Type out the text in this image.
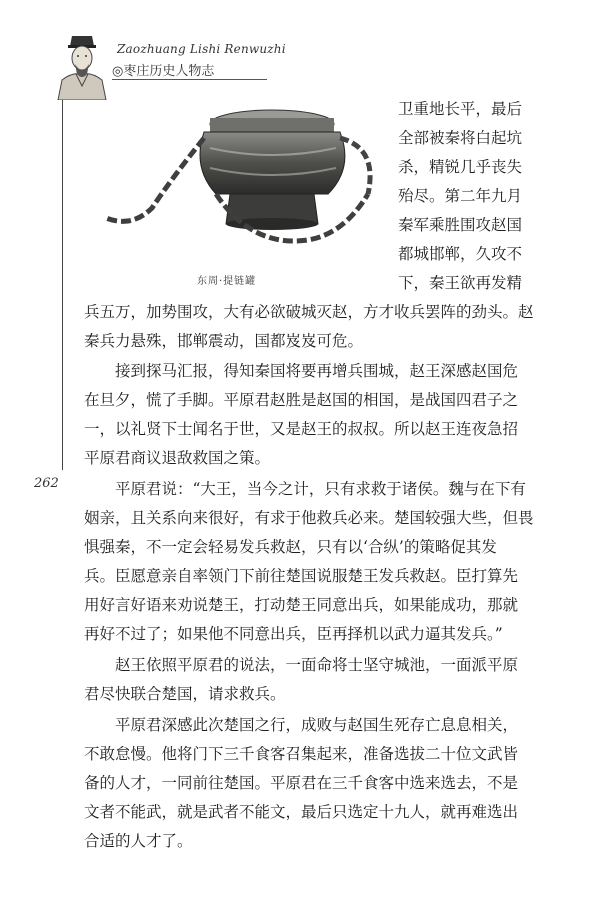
Zaozhuang Lishi Renwuzhi
◎枣庄历史人物志
东周·提链罐

卫重地长平，最后

全部被秦将白起坑

杀，精锐几乎丧失

殆尽。第二年九月

秦军乘胜围攻赵国

都城邯郸，久攻不

下，秦王欲再发精

兵五万，加势围攻，大有必欲破城灭赵，方才收兵罢阵的劲头。赵

秦兵力悬殊，邯郸震动，国都岌岌可危。

接到探马汇报，得知秦国将要再增兵围城，赵王深感赵国危

在旦夕，慌了手脚。平原君赵胜是赵国的相国，是战国四君子之

一，以礼贤下士闻名于世，又是赵王的叔叔。所以赵王连夜急招

平原君商议退敌救国之策。

262	平原君说：“大王，当今之计，只有求救于诸侯。魏与在下有

姻亲，且关系向来很好，有求于他救兵必来。楚国较强大些，但畏

惧强秦，不一定会轻易发兵救赵，只有以‘合纵’的策略促其发

兵。臣愿意亲自率领门下前往楚国说服楚王发兵救赵。臣打算先

用好言好语来劝说楚王，打动楚王同意出兵，如果能成功，那就

再好不过了；如果他不同意出兵，臣再择机以武力逼其发兵。”

赵王依照平原君的说法，一面命将士坚守城池，一面派平原

君尽快联合楚国，请求救兵。

平原君深感此次楚国之行，成败与赵国生死存亡息息相关，

不敢怠慢。他将门下三千食客召集起来，准备选拔二十位文武皆

备的人才，一同前往楚国。平原君在三千食客中选来选去，不是

文者不能武，就是武者不能文，最后只选定十九人，就再难选出

合适的人才了。
